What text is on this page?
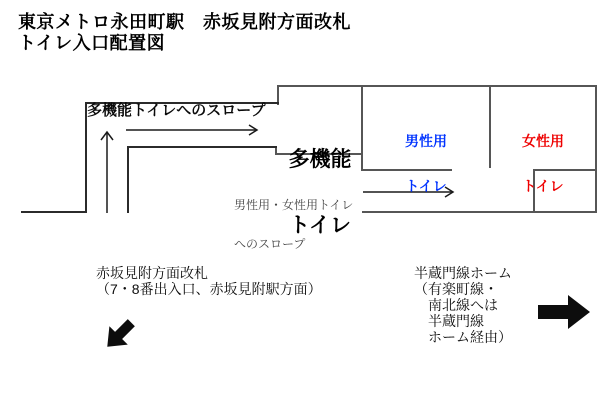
東京メトロ永田町駅　赤坂見附方面改札
トイレ入口配置図
多機能トイレへのスロープ

多機能

トイレ

男性用

トイレ

女性用

トイレ

男性用・女性用トイレ

へのスロープ

赤坂見附方面改札
（7・8番出入口、赤坂見附駅方面）
半蔵門線ホーム
（有楽町線・
南北線へは
半蔵門線
ホーム経由）
